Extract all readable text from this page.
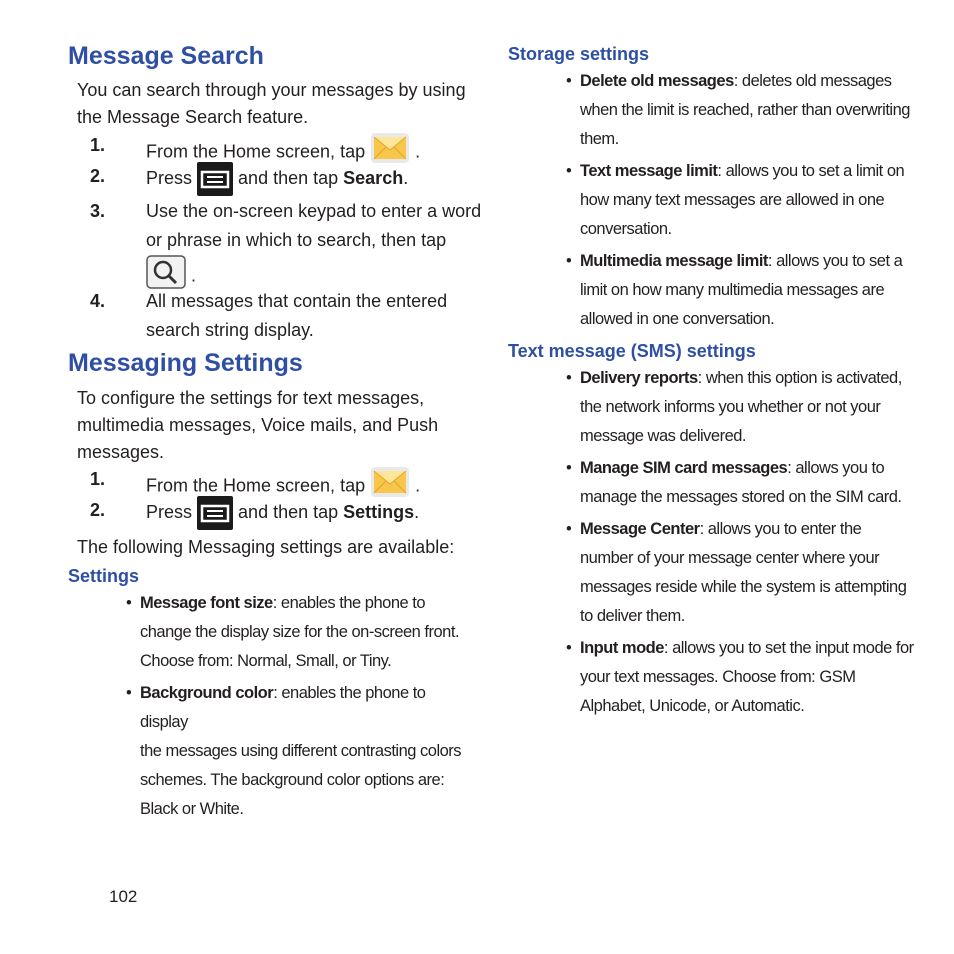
Message Search
You can search through your messages by using
the Message Search feature.
1.	From the Home screen, tap	.
2.	Press	and then tap Search.
3.	Use the on-screen keypad to enter a word
or phrase in which to search, then tap
.
4.	All messages that contain the entered
search string display.
Messaging Settings
To configure the settings for text messages,
multimedia messages, Voice mails, and Push
messages.
1.	From the Home screen, tap	.
2.	Press	and then tap Settings.
The following Messaging settings are available:
Settings
• Message font size: enables the phone to
change the display size for the on-screen front.
Choose from: Normal, Small, or Tiny.
• Background color: enables the phone to display
the messages using different contrasting colors
schemes. The background color options are:
Black or White.
Storage settings
• Delete old messages: deletes old messages
when the limit is reached, rather than overwriting
them.
• Text message limit: allows you to set a limit on
how many text messages are allowed in one
conversation.
• Multimedia message limit: allows you to set a
limit on how many multimedia messages are
allowed in one conversation.
Text message (SMS) settings
• Delivery reports: when this option is activated,
the network informs you whether or not your
message was delivered.
• Manage SIM card messages: allows you to
manage the messages stored on the SIM card.
• Message Center: allows you to enter the
number of your message center where your
messages reside while the system is attempting
to deliver them.
• Input mode: allows you to set the input mode for
your text messages. Choose from: GSM
Alphabet, Unicode, or Automatic.
102
